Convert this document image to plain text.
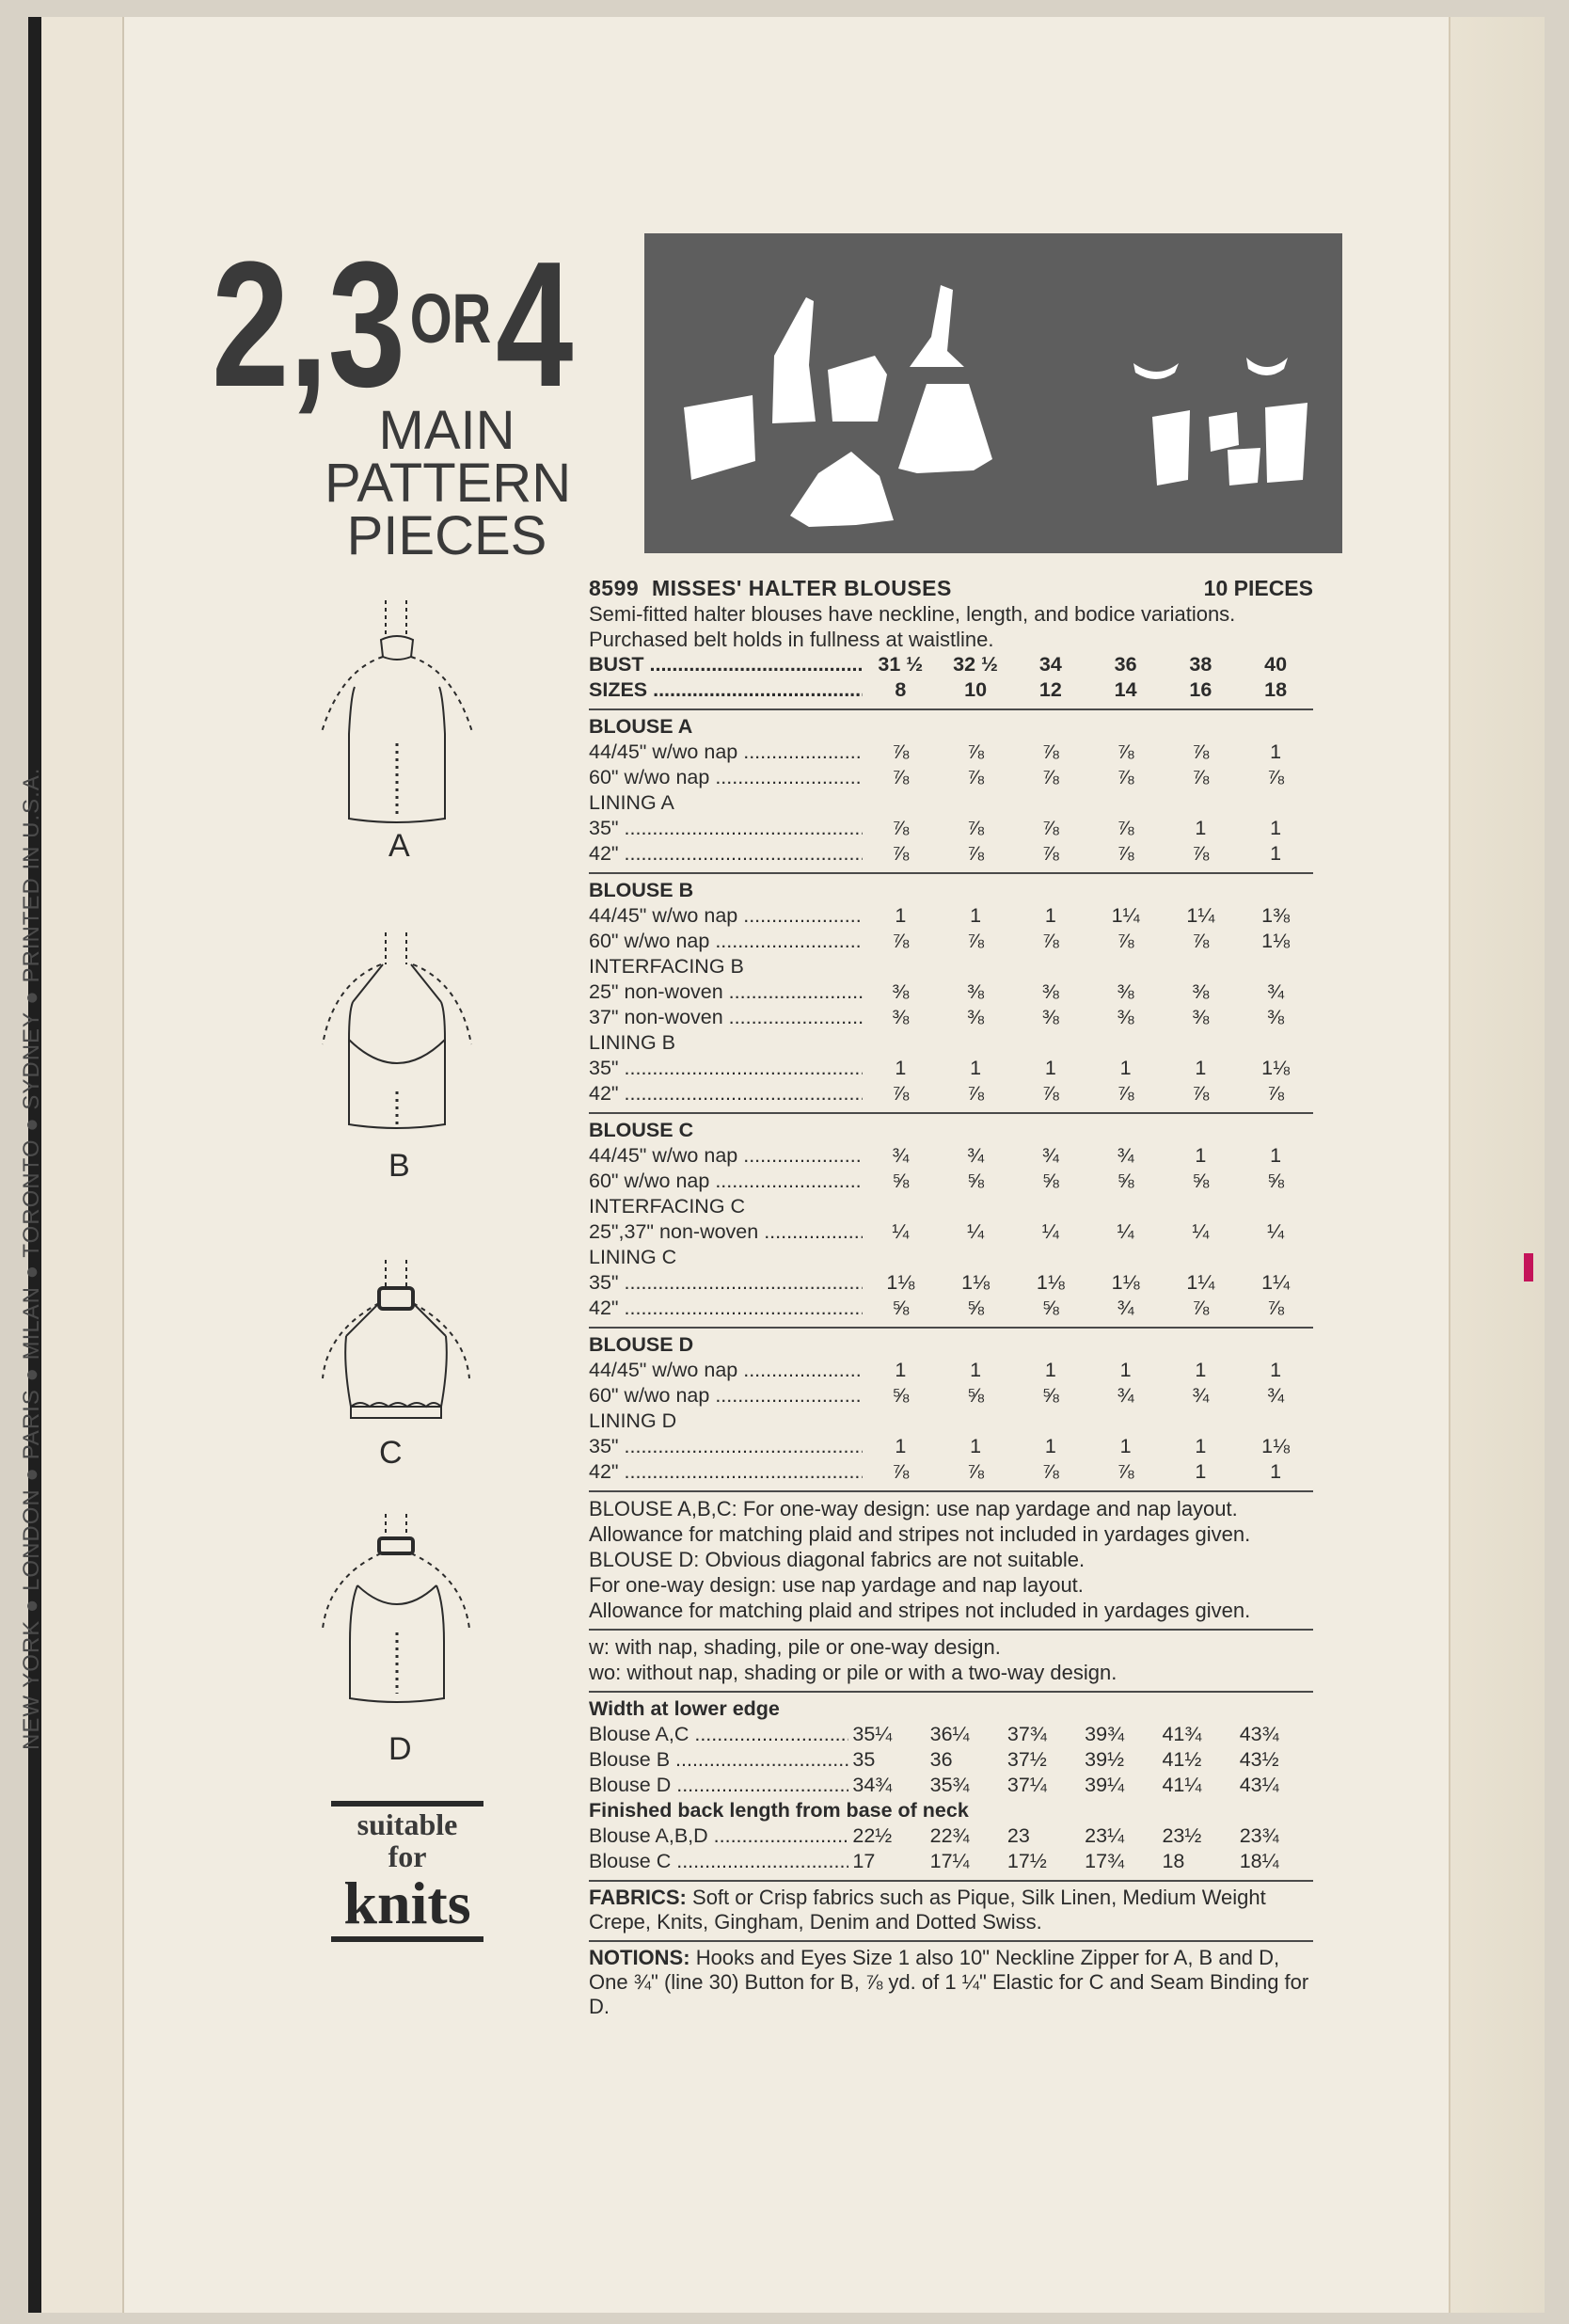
NEW YORK ● LONDON ● PARIS ● MILAN ● TORONTO ● SYDNEY ● PRINTED IN U.S.A.
2,3OR4
MAIN
PATTERN
PIECES
A
B
C
D
suitable
for
knits
8599 MISSES' HALTER BLOUSES	10 PIECES
Semi-fitted halter blouses have neckline, length, and bodice variations. Purchased belt holds in fullness at waistline.
BUST .....	31 ½	32 ½	34	36	38	40
SIZES .....	8	10	12	14	16	18
BLOUSE A
44/45" w/wo nap .....	⅞	⅞	⅞	⅞	⅞	1
60" w/wo nap .....	⅞	⅞	⅞	⅞	⅞	⅞
LINING A
35" .....	⅞	⅞	⅞	⅞	1	1
42" .....	⅞	⅞	⅞	⅞	⅞	1
BLOUSE B
44/45" w/wo nap .....	1	1	1	1¼	1¼	1⅜
60" w/wo nap .....	⅞	⅞	⅞	⅞	⅞	1⅛
INTERFACING B
25" non-woven .....	⅜	⅜	⅜	⅜	⅜	¾
37" non-woven .....	⅜	⅜	⅜	⅜	⅜	⅜
LINING B
35" .....	1	1	1	1	1	1⅛
42" .....	⅞	⅞	⅞	⅞	⅞	⅞
BLOUSE C
44/45" w/wo nap .....	¾	¾	¾	¾	1	1
60" w/wo nap .....	⅝	⅝	⅝	⅝	⅝	⅝
INTERFACING C
25",37" non-woven .....	¼	¼	¼	¼	¼	¼
LINING C
35" .....	1⅛	1⅛	1⅛	1⅛	1¼	1¼
42" .....	⅝	⅝	⅝	¾	⅞	⅞
BLOUSE D
44/45" w/wo nap .....	1	1	1	1	1	1
60" w/wo nap .....	⅝	⅝	⅝	¾	¾	¾
LINING D
35" .....	1	1	1	1	1	1⅛
42" .....	⅞	⅞	⅞	⅞	1	1
BLOUSE A,B,C: For one-way design: use nap yardage and nap layout.
Allowance for matching plaid and stripes not included in yardages given.
BLOUSE D: Obvious diagonal fabrics are not suitable.
For one-way design: use nap yardage and nap layout.
Allowance for matching plaid and stripes not included in yardages given.
w: with nap, shading, pile or one-way design.
wo: without nap, shading or pile or with a two-way design.
Width at lower edge
Blouse A,C .....	35¼	36¼	37¾	39¾	41¾	43¾
Blouse B .....	35	36	37½	39½	41½	43½
Blouse D .....	34¾	35¾	37¼	39¼	41¼	43¼
Finished back length from base of neck
Blouse A,B,D .....	22½	22¾	23	23¼	23½	23¾
Blouse C .....	17	17¼	17½	17¾	18	18¼
FABRICS: Soft or Crisp fabrics such as Pique, Silk Linen, Medium Weight Crepe, Knits, Gingham, Denim and Dotted Swiss.
NOTIONS: Hooks and Eyes Size 1 also 10" Neckline Zipper for A, B and D, One ¾" (line 30) Button for B, ⅞ yd. of 1 ¼" Elastic for C and Seam Binding for D.
